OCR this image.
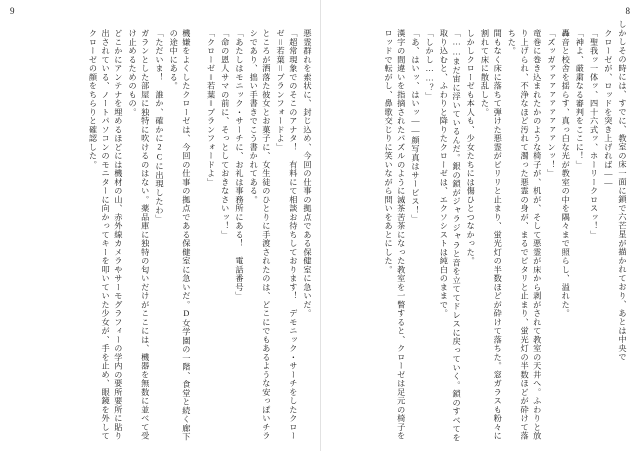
9	8
しかしその時には、すでに、教室の床一面に鎖で六芒星が描かれており、あとは中央で
クローゼが、ロッドを突き上げれば――
「聖我ッ一体ッ、四十六式ッ、ホーリークロスッ！」
「神よ、厳粛なる審判をここに！」
轟音と校舎を揺らす、真っ白な光が教室の中を隅々まで照らし、溢れた。
「ズッガァァァァァァァァァンッ！」
竜巻に巻き込まれたかのような椅子が、机が、そして悪霊が床から剥がされて教室の天井へ。ふわりと放り上げられ、不浄なほど汚れて濁った悪霊の身が、まるでピタリと止まり、蛍光灯の半数ほどが砕けて落ちた。
間もなく床に落ちて弾けた悪霊がビリリと止まり、蛍光灯の半数ほどが砕けて落ちた。窓ガラスも粉々に割れて床に散乱した。
しかしクローゼも本人も、少女たちには傷ひとつなかった。
「……まだ宙に浮いているんだ。銀の鎖がジャラジャラと音を立ててドレスに戻っていく。鎖のすべてを取り込むと、ふわりと降りたクローゼは、エクソシストは純白のままで。
「しかし……？」
「あ、はいッ、はいッ――顔写真はサービス！」
漢字の間違いを指摘されたパズルのように滅茶苦茶になった教室を一瞥すると、クローゼは足元の椅子をロッドで転がし、鼻歌交じりに笑いながら問いをあとにした。
悪霊群れを索状に、封じ込め、今回の仕事の拠点である保健室に急いだ。
「超常現象でのそこのアナタ！　有料にて相談お待ちしております！　デモニック・サーチをしたクローゼ＝若葉＝ブランフォードよ」
ところが洒落た彼女とお菓子に、女生徒のひとりに手渡されたのは、どこにでもあるような安っぽいチラシであり、拙い手書きでこう書かれてある。
「あたしはモニック・サーチに、お礼は事務所にある！　電話番号」
「命の恩人サマの前に、そっとしておきなさいッ！」
「クローゼ＝若葉＝ブランフォードよ」
機嫌をよくしたクローゼは、今回の仕事の拠点である保健室に急いだ。D女学園の一階、食堂と続く廊下の途中にある。
「ただいま！　誰か、確かに2Cに出現したわ」
ガランとした部屋に独特に吹けるのはない。薬品庫に独特の匂いだけがここには、機器を無数に並べて受け止めるためのもの。
どこかにアンテナを埋めるほどには機材の山、赤外線カメラやサーモグラフィーの学内の要所要所に貼り出されている、ノートパソコンのモニターに向かってキーを叩いていた少女が、手を止め、眼鏡を外してクローゼの顔をちらりと確認した。
